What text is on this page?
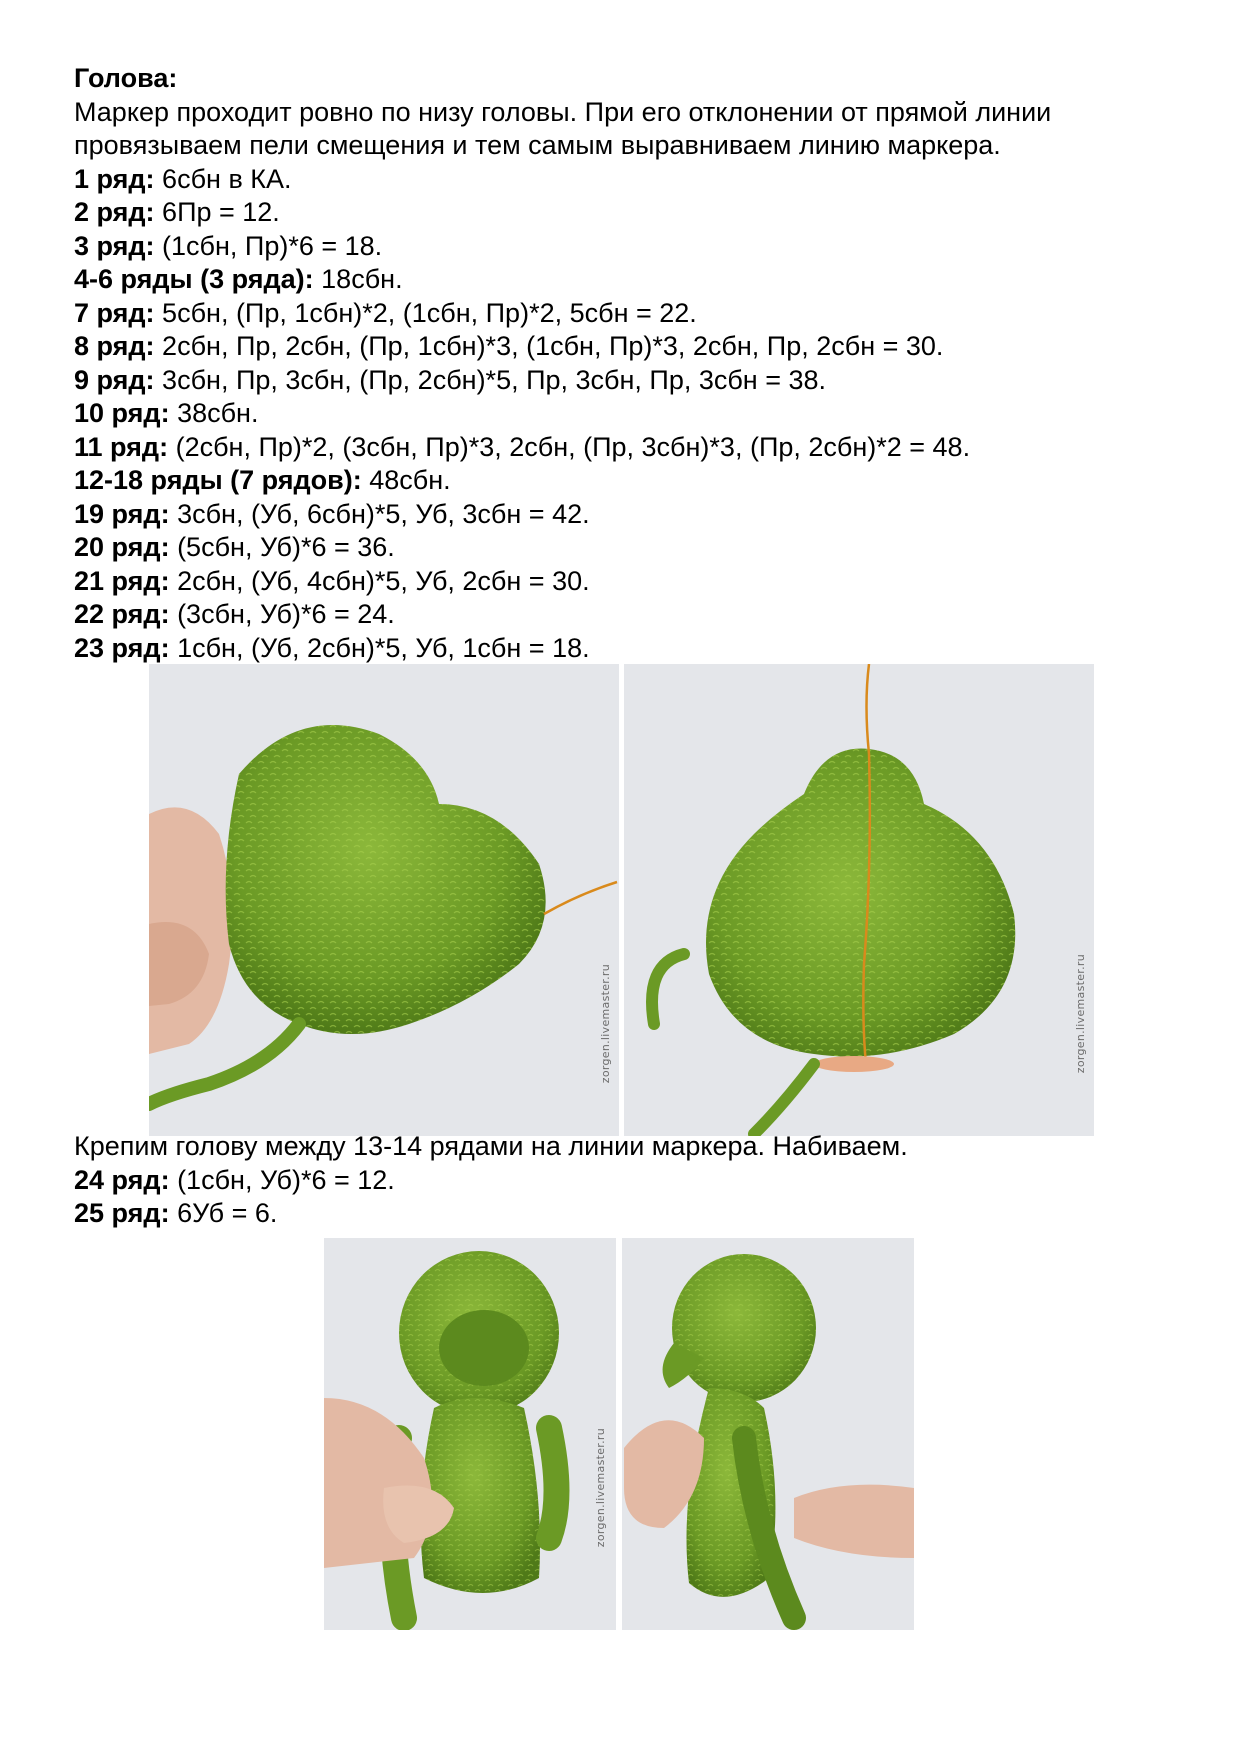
Голова:
Маркер проходит ровно по низу головы. При его отклонении от прямой линии
провязываем пели смещения и тем самым выравниваем линию маркера.
1 ряд: 6сбн в КА.
2 ряд: 6Пр = 12.
3 ряд: (1сбн, Пр)*6 = 18.
4-6 ряды (3 ряда): 18сбн.
7 ряд: 5сбн, (Пр, 1сбн)*2, (1сбн, Пр)*2, 5сбн = 22.
8 ряд: 2сбн, Пр, 2сбн, (Пр, 1сбн)*3, (1сбн, Пр)*3, 2сбн, Пр, 2сбн = 30.
9 ряд: 3сбн, Пр, 3сбн, (Пр, 2сбн)*5, Пр, 3сбн, Пр, 3сбн = 38.
10 ряд: 38сбн.
11 ряд: (2сбн, Пр)*2, (3сбн, Пр)*3, 2сбн, (Пр, 3сбн)*3, (Пр, 2сбн)*2 = 48.
12-18 ряды (7 рядов): 48сбн.
19 ряд: 3сбн, (Уб, 6сбн)*5, Уб, 3сбн = 42.
20 ряд: (5сбн, Уб)*6 = 36.
21 ряд: 2сбн, (Уб, 4сбн)*5, Уб, 2сбн = 30.
22 ряд: (3сбн, Уб)*6 = 24.
23 ряд: 1сбн, (Уб, 2сбн)*5, Уб, 1сбн = 18.
zorgen.livemaster.ru	zorgen.livemaster.ru
Крепим голову между 13-14 рядами на линии маркера. Набиваем.
24 ряд: (1сбн, Уб)*6 = 12.
25 ряд: 6Уб = 6.
zorgen.livemaster.ru
